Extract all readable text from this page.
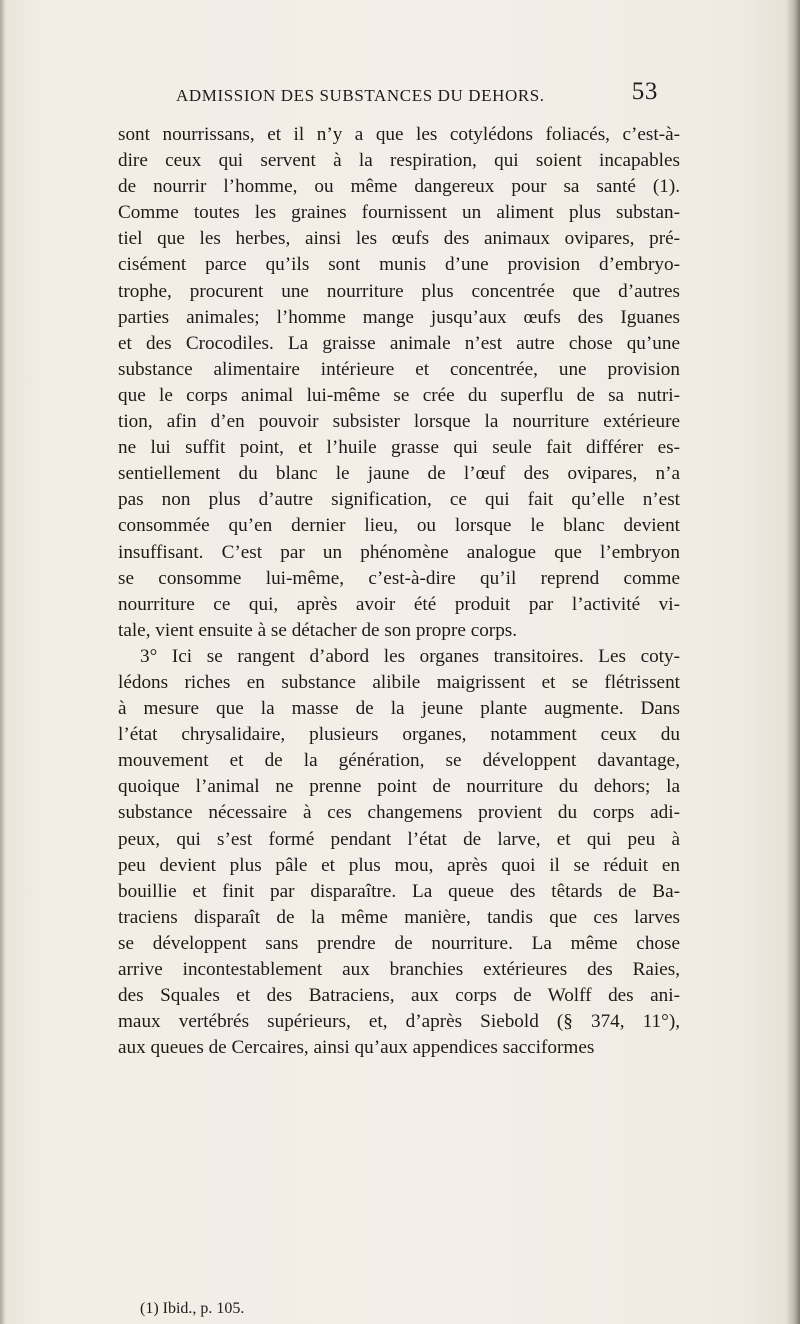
ADMISSION DES SUBSTANCES DU DEHORS.	53
sont nourrissans, et il n’y a que les cotylédons foliacés, c’est-à-
dire ceux qui servent à la respiration, qui soient incapables
de nourrir l’homme, ou même dangereux pour sa santé (1).
Comme toutes les graines fournissent un aliment plus substan-
tiel que les herbes, ainsi les œufs des animaux ovipares, pré-
cisément parce qu’ils sont munis d’une provision d’embryo-
trophe, procurent une nourriture plus concentrée que d’autres
parties animales; l’homme mange jusqu’aux œufs des Iguanes
et des Crocodiles. La graisse animale n’est autre chose qu’une
substance alimentaire intérieure et concentrée, une provision
que le corps animal lui-même se crée du superflu de sa nutri-
tion, afin d’en pouvoir subsister lorsque la nourriture extérieure
ne lui suffit point, et l’huile grasse qui seule fait différer es-
sentiellement du blanc le jaune de l’œuf des ovipares, n’a
pas non plus d’autre signification, ce qui fait qu’elle n’est
consommée qu’en dernier lieu, ou lorsque le blanc devient
insuffisant. C’est par un phénomène analogue que l’embryon
se consomme lui-même, c’est-à-dire qu’il reprend comme
nourriture ce qui, après avoir été produit par l’activité vi-
tale, vient ensuite à se détacher de son propre corps.
3° Ici se rangent d’abord les organes transitoires. Les coty-
lédons riches en substance alibile maigrissent et se flétrissent
à mesure que la masse de la jeune plante augmente. Dans
l’état chrysalidaire, plusieurs organes, notamment ceux du
mouvement et de la génération, se développent davantage,
quoique l’animal ne prenne point de nourriture du dehors; la
substance nécessaire à ces changemens provient du corps adi-
peux, qui s’est formé pendant l’état de larve, et qui peu à
peu devient plus pâle et plus mou, après quoi il se réduit en
bouillie et finit par disparaître. La queue des têtards de Ba-
traciens disparaît de la même manière, tandis que ces larves
se développent sans prendre de nourriture. La même chose
arrive incontestablement aux branchies extérieures des Raies,
des Squales et des Batraciens, aux corps de Wolff des ani-
maux vertébrés supérieurs, et, d’après Siebold (§ 374, 11°),
aux queues de Cercaires, ainsi qu’aux appendices sacciformes
(1) Ibid., p. 105.
